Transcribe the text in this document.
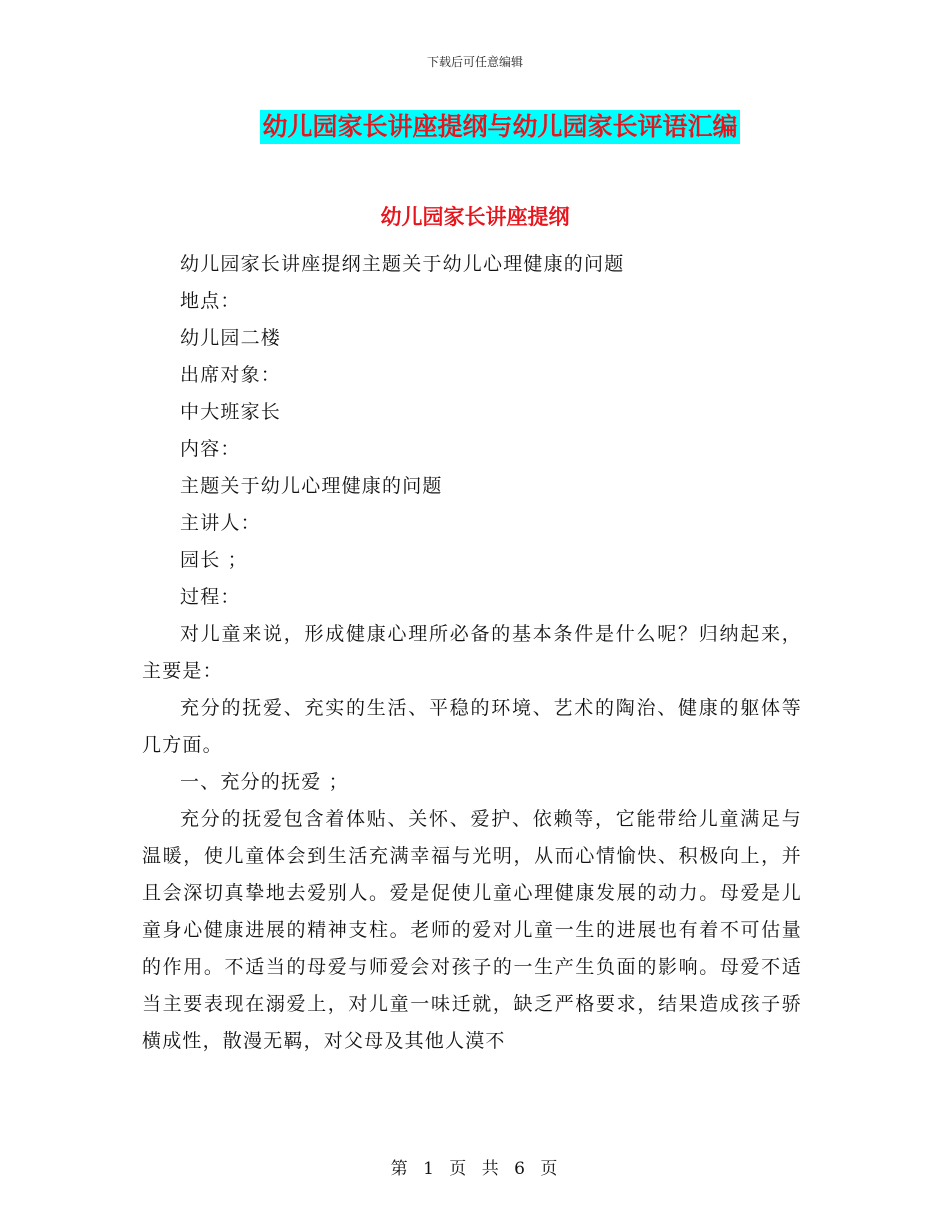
下载后可任意编辑
幼儿园家长讲座提纲与幼儿园家长评语汇编
幼儿园家长讲座提纲

幼儿园家长讲座提纲主题关于幼儿心理健康的问题

地点：

幼儿园二楼

出席对象：

中大班家长

内容：

主题关于幼儿心理健康的问题

主讲人：

园长 ；

过程：

对儿童来说，形成健康心理所必备的基本条件是什么呢？归纳起来，主要是：

充分的抚爱、充实的生活、平稳的环境、艺术的陶治、健康的躯体等几方面。

一、充分的抚爱 ；

充分的抚爱包含着体贴、关怀、爱护、依赖等，它能带给儿童满足与温暖，使儿童体会到生活充满幸福与光明，从而心情愉快、积极向上，并且会深切真挚地去爱别人。爱是促使儿童心理健康发展的动力。母爱是儿童身心健康进展的精神支柱。老师的爱对儿童一生的进展也有着不可估量的作用。不适当的母爱与师爱会对孩子的一生产生负面的影响。母爱不适当主要表现在溺爱上，对儿童一味迁就，缺乏严格要求，结果造成孩子骄横成性，散漫无羁，对父母及其他人漠不

第 1 页 共 6 页
